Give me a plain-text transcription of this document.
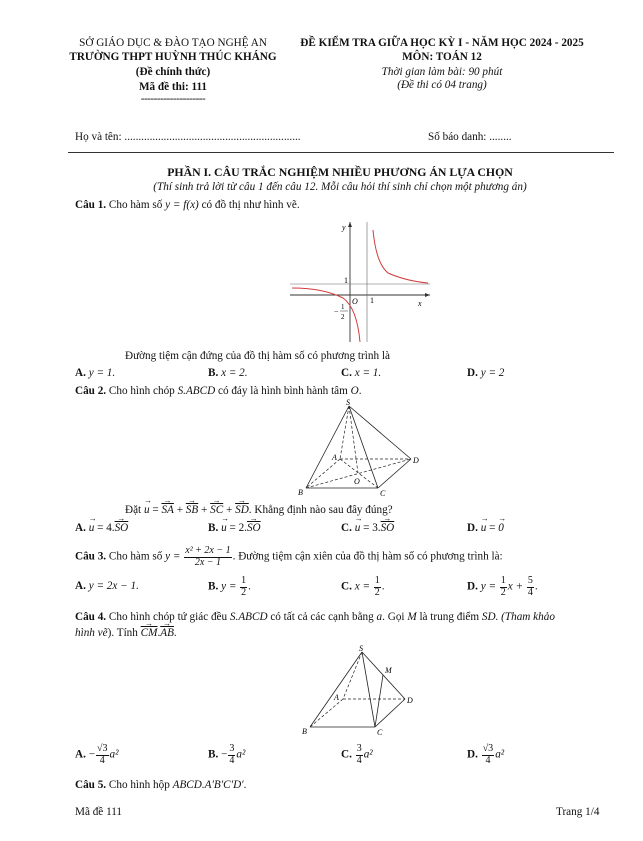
SỞ GIÁO DỤC & ĐÀO TẠO NGHỆ AN
TRƯỜNG THPT HUỲNH THÚC KHÁNG
(Đề chính thức)
Mã đề thi: 111
--------------------
ĐỀ KIỂM TRA GIỮA HỌC KỲ I - NĂM HỌC 2024 - 2025
MÔN: TOÁN 12
Thời gian làm bài: 90 phút
(Đề thi có 04 trang)
Họ và tên: ...............................................................	Số báo danh: ........
PHẦN I. CÂU TRẮC NGHIỆM NHIỀU PHƯƠNG ÁN LỰA CHỌN
(Thí sinh trả lời từ câu 1 đến câu 12. Mỗi câu hỏi thí sinh chỉ chọn một phương án)
Câu 1. Cho hàm số y = f(x) có đồ thị như hình vẽ.
y
x
O 1
1
− 1
2
Đường tiệm cận đứng của đồ thị hàm số có phương trình là
A. y = 1.	B. x = 2.	C. x = 1.	D. y = 2
Câu 2. Cho hình chóp S.ABCD có đáy là hình bình hành tâm O.
S
A
B	C
D
O
Đặt → u = → $\overline{SA}$ + → $\overline{SB}$ + → $\overline{SC}$ + → $\overline{SD}$. Khẳng định nào sau đây đúng?
A. → $u = 4.\to \overline{SO}$	B. → $u = 2.\to \overline{SO}$	C. → $u = 3.\to \overline{SO}$	D. → u = → 0
Câu 3. Cho hàm số $y = \frac{\text{x² + 2x − 1}}{2x - 1}$ . Đường tiệm cận xiên của đồ thị hàm số có phương trình là:
A. y = 2x − 1.	B. $y = \frac{1}{2}$ .	C. $x = \frac{1}{2}$ .	D. $y = \frac{1}{2}$ $x + \frac{5}{4}$ .
Câu 4. Cho hình chóp tứ giác đều S.ABCD có tất cả các cạnh bằng a. Gọi M là trung điểm SD. (Tham khảo
hình vẽ). Tính → $\overline{CM}.\to \overline{AB}$.
S
M
A
B	C
D
A. − $\frac{√3}{4} a^2$	B. − $\frac{3}{4} a^2$	C. $\frac{3}{4} a^2$	D. $\frac{√3}{4} a^2$
Câu 5. Cho hình hộp ABCD.A′B′C′D′.
Mã đề 111	Trang 1/4
